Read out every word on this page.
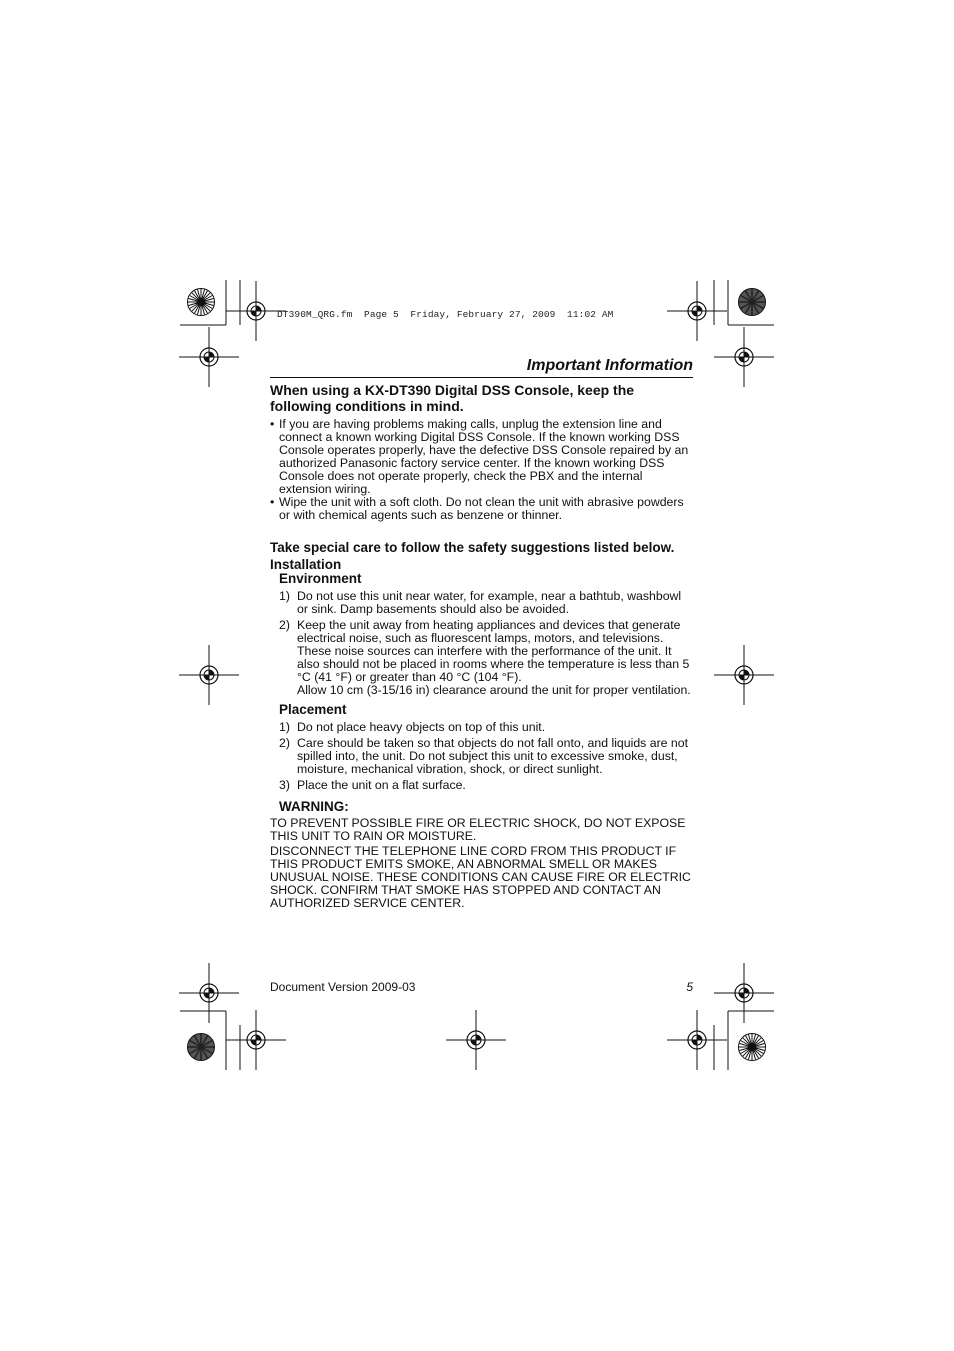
DT390M_QRG.fm  Page 5  Friday, February 27, 2009  11:02 AM
Important Information
When using a KX-DT390 Digital DSS Console, keep the following conditions in mind.
• If you are having problems making calls, unplug the extension line and connect a known working Digital DSS Console. If the known working DSS Console operates properly, have the defective DSS Console repaired by an authorized Panasonic factory service center. If the known working DSS Console does not operate properly, check the PBX and the internal extension wiring.
• Wipe the unit with a soft cloth. Do not clean the unit with abrasive powders or with chemical agents such as benzene or thinner.
Take special care to follow the safety suggestions listed below.
Installation
Environment
1) Do not use this unit near water, for example, near a bathtub, washbowl or sink. Damp basements should also be avoided.
2) Keep the unit away from heating appliances and devices that generate electrical noise, such as fluorescent lamps, motors, and televisions. These noise sources can interfere with the performance of the unit. It also should not be placed in rooms where the temperature is less than 5 °C (41 °F) or greater than 40 °C (104 °F).
Allow 10 cm (3-15/16 in) clearance around the unit for proper ventilation.
Placement
1) Do not place heavy objects on top of this unit.
2) Care should be taken so that objects do not fall onto, and liquids are not spilled into, the unit. Do not subject this unit to excessive smoke, dust, moisture, mechanical vibration, shock, or direct sunlight.
3) Place the unit on a flat surface.
WARNING:
TO PREVENT POSSIBLE FIRE OR ELECTRIC SHOCK, DO NOT EXPOSE THIS UNIT TO RAIN OR MOISTURE.
DISCONNECT THE TELEPHONE LINE CORD FROM THIS PRODUCT IF THIS PRODUCT EMITS SMOKE, AN ABNORMAL SMELL OR MAKES UNUSUAL NOISE. THESE CONDITIONS CAN CAUSE FIRE OR ELECTRIC SHOCK. CONFIRM THAT SMOKE HAS STOPPED AND CONTACT AN AUTHORIZED SERVICE CENTER.
Document Version 2009-03	5
